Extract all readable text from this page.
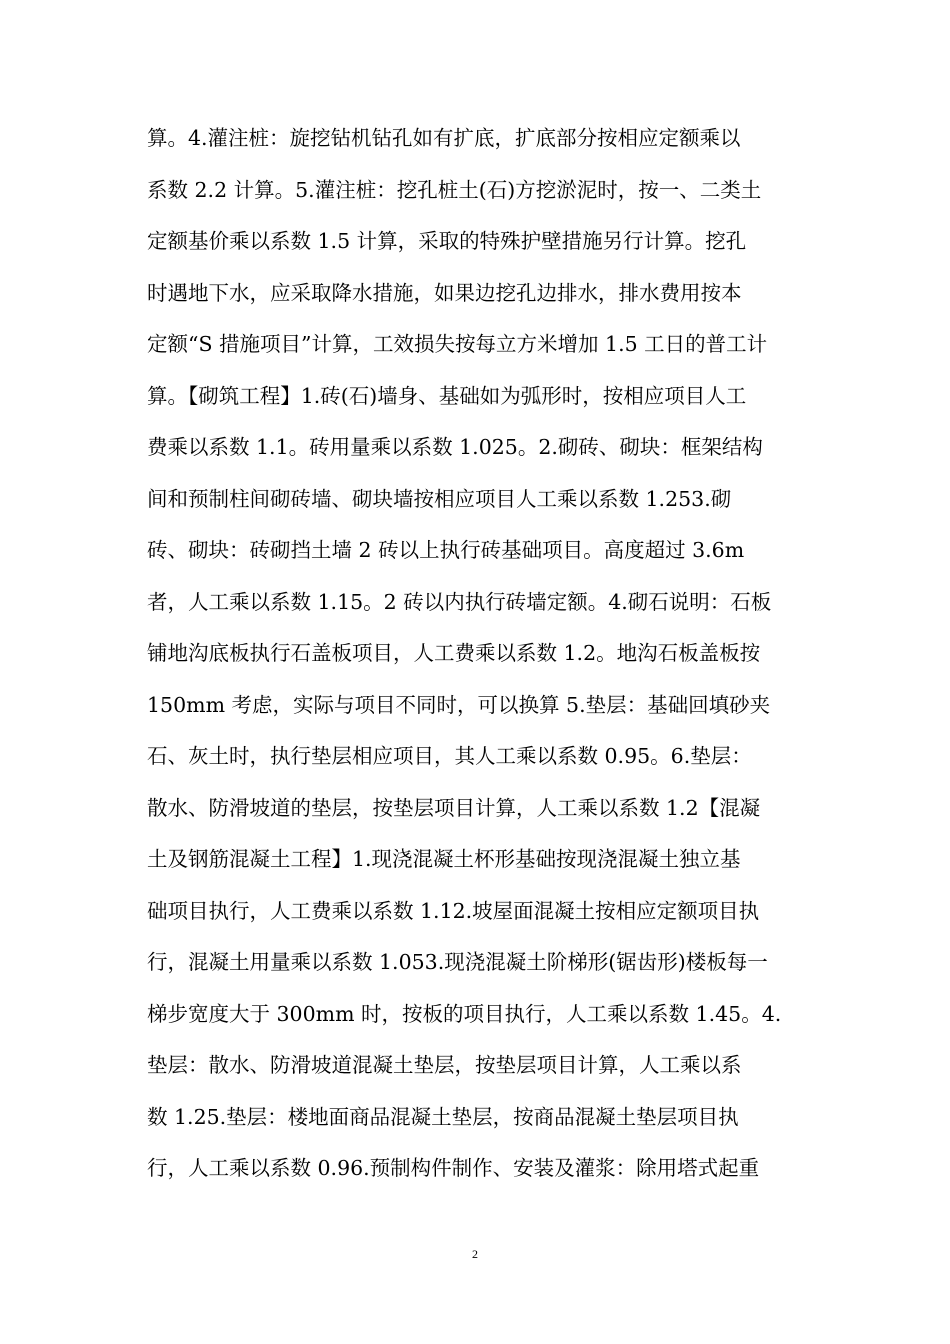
算。4.灌注桩：旋挖钻机钻孔如有扩底，扩底部分按相应定额乘以
系数 2.2 计算。5.灌注桩：挖孔桩土(石)方挖淤泥时，按一、二类土
定额基价乘以系数 1.5 计算，采取的特殊护壁措施另行计算。挖孔
时遇地下水，应采取降水措施，如果边挖孔边排水，排水费用按本
定额“S 措施项目”计算，工效损失按每立方米增加 1.5 工日的普工计
算。【砌筑工程】1.砖(石)墙身、基础如为弧形时，按相应项目人工
费乘以系数 1.1。砖用量乘以系数 1.025。2.砌砖、砌块：框架结构
间和预制柱间砌砖墙、砌块墙按相应项目人工乘以系数 1.253.砌
砖、砌块：砖砌挡土墙 2 砖以上执行砖基础项目。高度超过 3.6m
者，人工乘以系数 1.15。2 砖以内执行砖墙定额。4.砌石说明：石板
铺地沟底板执行石盖板项目，人工费乘以系数 1.2。地沟石板盖板按
150mm 考虑，实际与项目不同时，可以换算 5.垫层：基础回填砂夹
石、灰土时，执行垫层相应项目，其人工乘以系数 0.95。6.垫层：
散水、防滑坡道的垫层，按垫层项目计算，人工乘以系数 1.2【混凝
土及钢筋混凝土工程】1.现浇混凝土杯形基础按现浇混凝土独立基
础项目执行，人工费乘以系数 1.12.坡屋面混凝土按相应定额项目执
行，混凝土用量乘以系数 1.053.现浇混凝土阶梯形(锯齿形)楼板每一
梯步宽度大于 300mm 时，按板的项目执行，人工乘以系数 1.45。4.
垫层：散水、防滑坡道混凝土垫层，按垫层项目计算，人工乘以系
数 1.25.垫层：楼地面商品混凝土垫层，按商品混凝土垫层项目执
行，人工乘以系数 0.96.预制构件制作、安装及灌浆：除用塔式起重
2
